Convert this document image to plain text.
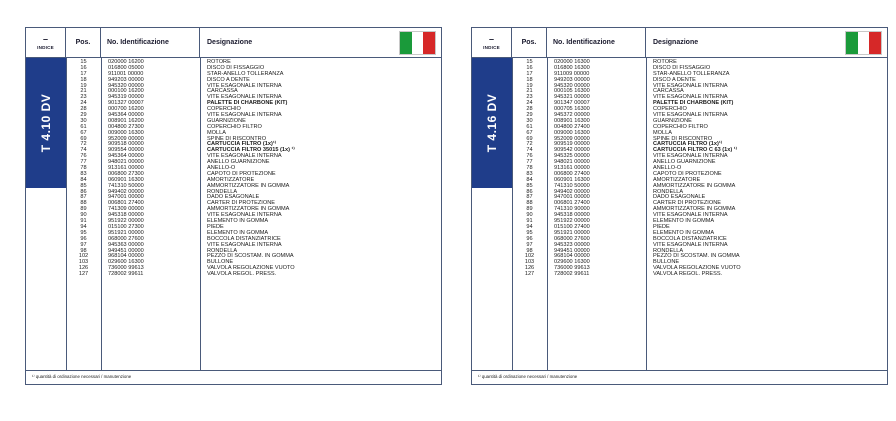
–
INDICE
Pos.	No. Identificazione	Designazione
T 4.10 DV
15	020000 16200	ROTORE
16	016800 05000	DISCO DI FISSAGGIO
17	911001 00000	STAR-ANELLO TOLLERANZA
18	949203 00000	DISCO A DENTE
19	945320 00000	VITE ESAGONALE INTERNA
21	000100 16200	CARCASSA
23	945319 00000	VITE ESAGONALE INTERNA
24	901327 00007	PALETTE DI CHARBONE (KIT)
28	000700 16200	COPERCHIO
29	945364 00000	VITE ESAGONALE INTERNA
30	008901 16200	GUARNIZIONE
61	004800 27300	COPERCHIO FILTRO
67	009000 16300	MOLLA
69	952009 00000	SPINE DI RISCONTRO
72	909518 00000	CARTUCCIA FILTRO (1x)¹⁾
74	909554 00000	CARTUCCIA FILTRO 35015 (1x) ¹⁾
76	945364 00000	VITE ESAGONALE INTERNA
77	948021 00000	ANELLO GUARNIZIONE
78	913161 00000	ANELLO-O
83	006800 27300	CAPOTO DI PROTEZIONE
84	060901 16300	AMORTIZZATORE
85	741310 50000	AMMORTIZZATORE IN GOMMA
86	949402 00000	RONDELLA
87	947001 00000	DADO ESAGONALE
88	006801 27400	CARTER DI PROTEZIONE
89	741309 00000	AMMORTIZZATORE IN GOMMA
90	945318 00000	VITE ESAGONALE INTERNA
91	951922 00000	ELEMENTO IN GOMMA
94	015100 27300	PIEDE
95	951921 00000	ELEMENTO IN GOMMA
96	068000 27600	BOCCOLA DISTANZIATRICE
97	945363 00000	VITE ESAGONALE INTERNA
98	949451 00000	RONDELLA
102	968104 00000	PEZZO DI SCOSTAM. IN GOMMA
103	029600 16300	BULLONE
126	736000 99613	VALVOLA REGOLAZIONE VUOTO
127	728002 99611	VALVOLA REGOL. PRESS.
¹⁾ quantità di ordinazione necessari / manutenzione
–
INDICE
Pos.	No. Identificazione	Designazione
T 4.16 DV
15	020000 16300	ROTORE
16	016800 16300	DISCO DI FISSAGGIO
17	911009 00000	STAR-ANELLO TOLLERANZA
18	949203 00000	DISCO A DENTE
19	945320 00000	VITE ESAGONALE INTERNA
21	000105 16300	CARCASSA
23	945321 00000	VITE ESAGONALE INTERNA
24	901347 00007	PALETTE DI CHARBONE (KIT)
28	000705 16300	COPERCHIO
29	945372 00000	VITE ESAGONALE INTERNA
30	008901 16300	GUARNIZIONE
61	004800 27400	COPERCHIO FILTRO
67	009000 16300	MOLLA
69	952009 00000	SPINE DI RISCONTRO
72	909519 00000	CARTUCCIA FILTRO (1x)¹⁾
74	909542 00000	CARTUCCIA FILTRO C 63 (1x) ¹⁾
76	945325 00000	VITE ESAGONALE INTERNA
77	948021 00000	ANELLO GUARNIZIONE
78	913161 00000	ANELLO-O
83	006800 27400	CAPOTO DI PROTEZIONE
84	060901 16300	AMORTIZZATORE
85	741310 50000	AMMORTIZZATORE IN GOMMA
86	949402 00000	RONDELLA
87	947001 00000	DADO ESAGONALE
88	006801 27400	CARTER DI PROTEZIONE
89	741310 90000	AMMORTIZZATORE IN GOMMA
90	945318 00000	VITE ESAGONALE INTERNA
91	951922 00000	ELEMENTO IN GOMMA
94	015100 27400	PIEDE
95	951921 00000	ELEMENTO IN GOMMA
96	068000 27600	BOCCOLA DISTANZIATRICE
97	945323 00000	VITE ESAGONALE INTERNA
98	949451 00000	RONDELLA
102	968104 00000	PEZZO DI SCOSTAM. IN GOMMA
103	029600 16300	BULLONE
126	736000 99613	VALVOLA REGOLAZIONE VUOTO
127	728002 99611	VALVOLA REGOL. PRESS.
¹⁾ quantità di ordinazione necessari / manutenzione
